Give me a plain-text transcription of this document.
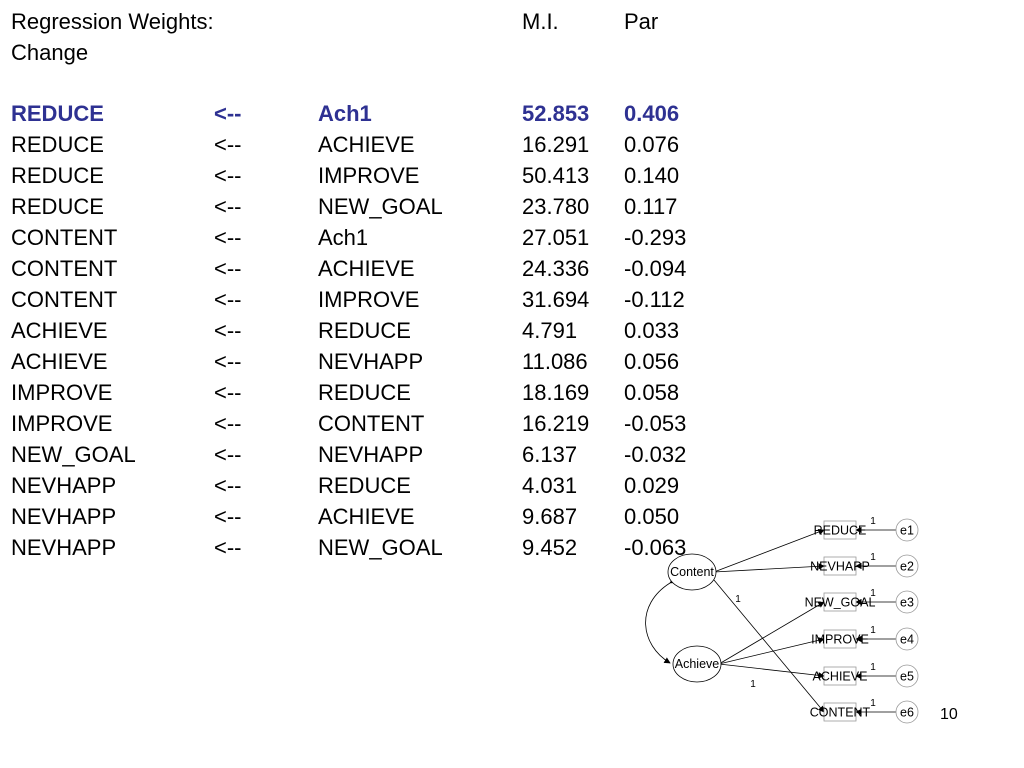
Regression Weights:	M.I.	Par
Change
REDUCE	<--	Ach1	52.853	0.406
REDUCE	<--	ACHIEVE	16.291	0.076
REDUCE	<--	IMPROVE	50.413	0.140
REDUCE	<--	NEW_GOAL	23.780	0.117
CONTENT	<--	Ach1	27.051	-0.293
CONTENT	<--	ACHIEVE	24.336	-0.094
CONTENT	<--	IMPROVE	31.694	-0.112
ACHIEVE	<--	REDUCE	4.791	0.033
ACHIEVE	<--	NEVHAPP	11.086	0.056
IMPROVE	<--	REDUCE	18.169	0.058
IMPROVE	<--	CONTENT	16.219	-0.053
NEW_GOAL	<--	NEVHAPP	6.137	-0.032
NEVHAPP	<--	REDUCE	4.031	0.029
NEVHAPP	<--	ACHIEVE	9.687	0.050
NEVHAPP	<--	NEW_GOAL	9.452	-0.063
Content
Achieve
REDUCE	e1
1
NEVHAPP e2
1
NEW_GOAL e3
1
IMPROVE e4
1
ACHIEVE	e5
1
CONTENT e6
1
1
1
10
